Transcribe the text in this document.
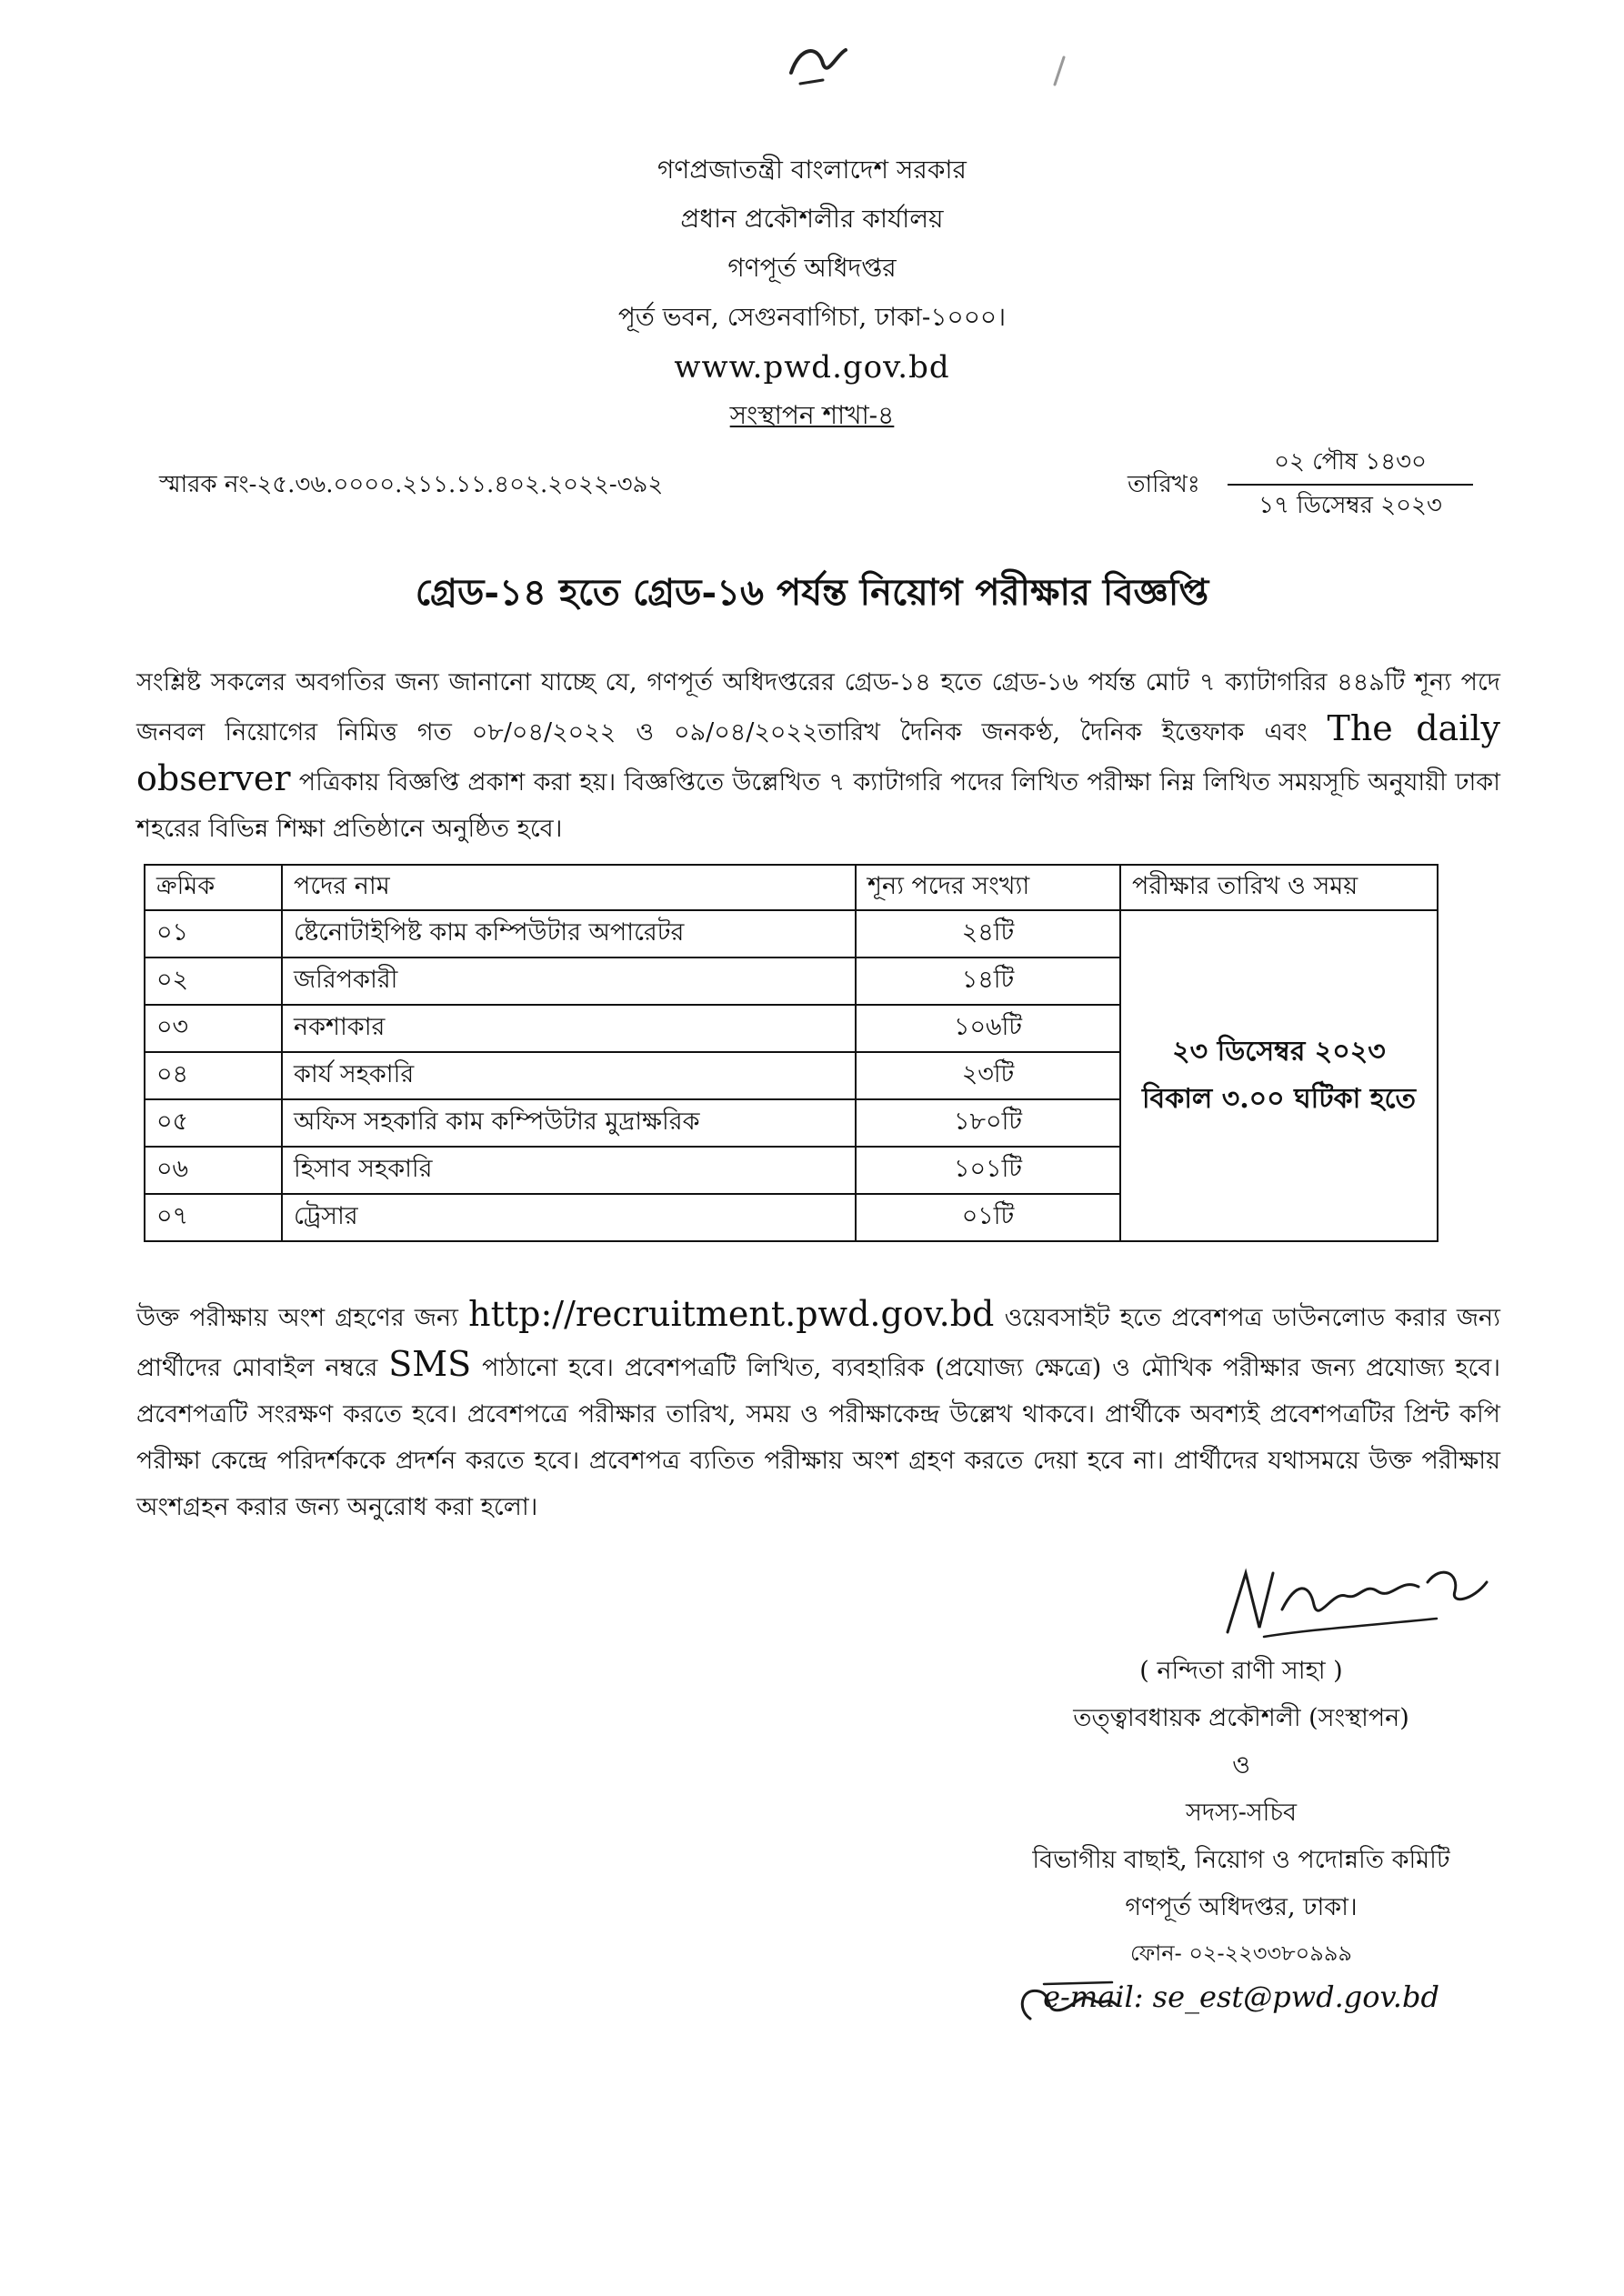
গণপ্রজাতন্ত্রী বাংলাদেশ সরকার
প্রধান প্রকৌশলীর কার্যালয়
গণপূর্ত অধিদপ্তর
পূর্ত ভবন, সেগুনবাগিচা, ঢাকা-১০০০।
www.pwd.gov.bd
সংস্থাপন শাখা-৪
স্মারক নং-২৫.৩৬.০০০০.২১১.১১.৪০২.২০২২-৩৯২	তারিখঃ
০২ পৌষ ১৪৩০
১৭ ডিসেম্বর ২০২৩
গ্রেড-১৪ হতে গ্রেড-১৬ পর্যন্ত নিয়োগ পরীক্ষার বিজ্ঞপ্তি
সংশ্লিষ্ট সকলের অবগতির জন্য জানানো যাচ্ছে যে, গণপূর্ত অধিদপ্তরের গ্রেড-১৪ হতে গ্রেড-১৬ পর্যন্ত মোট ৭ ক্যাটাগরির ৪৪৯টি শূন্য পদে জনবল নিয়োগের নিমিত্ত গত ০৮/০৪/২০২২ ও ০৯/০৪/২০২২তারিখ দৈনিক জনকণ্ঠ, দৈনিক ইত্তেফাক এবং The daily observer পত্রিকায় বিজ্ঞপ্তি প্রকাশ করা হয়। বিজ্ঞপ্তিতে উল্লেখিত ৭ ক্যাটাগরি পদের লিখিত পরীক্ষা নিম্ন লিখিত সময়সূচি অনুযায়ী ঢাকা শহরের বিভিন্ন শিক্ষা প্রতিষ্ঠানে অনুষ্ঠিত হবে।
ক্রমিক	পদের নাম	শূন্য পদের সংখ্যা	পরীক্ষার তারিখ ও সময়
০১	ষ্টেনোটাইপিষ্ট কাম কম্পিউটার অপারেটর	২৪টি	২৩ ডিসেম্বর ২০২৩
বিকাল ৩.০০ ঘটিকা হতে

০২	জরিপকারী	১৪টি	
০৩	নকশাকার	১০৬টি	
০৪	কার্য সহকারি	২৩টি	
০৫	অফিস সহকারি কাম কম্পিউটার মুদ্রাক্ষরিক	১৮০টি	
০৬	হিসাব সহকারি	১০১টি	
০৭	ট্রেসার	০১টি	
উক্ত পরীক্ষায় অংশ গ্রহণের জন্য http://recruitment.pwd.gov.bd ওয়েবসাইট হতে প্রবেশপত্র ডাউনলোড করার জন্য প্রার্থীদের মোবাইল নম্বরে SMS পাঠানো হবে। প্রবেশপত্রটি লিখিত, ব্যবহারিক (প্রযোজ্য ক্ষেত্রে) ও মৌখিক পরীক্ষার জন্য প্রযোজ্য হবে। প্রবেশপত্রটি সংরক্ষণ করতে হবে। প্রবেশপত্রে পরীক্ষার তারিখ, সময় ও পরীক্ষাকেন্দ্র উল্লেখ থাকবে। প্রার্থীকে অবশ্যই প্রবেশপত্রটির প্রিন্ট কপি পরীক্ষা কেন্দ্রে পরিদর্শককে প্রদর্শন করতে হবে। প্রবেশপত্র ব্যতিত পরীক্ষায় অংশ গ্রহণ করতে দেয়া হবে না। প্রার্থীদের যথাসময়ে উক্ত পরীক্ষায় অংশগ্রহন করার জন্য অনুরোধ করা হলো।
( নন্দিতা রাণী সাহা )
তত্ত্বাবধায়ক প্রকৌশলী (সংস্থাপন)
ও
সদস্য-সচিব
বিভাগীয় বাছাই, নিয়োগ ও পদোন্নতি কমিটি
গণপূর্ত অধিদপ্তর, ঢাকা।
ফোন- ০২-২২৩৩৮০৯৯৯
e-mail: se_est@pwd.gov.bd
